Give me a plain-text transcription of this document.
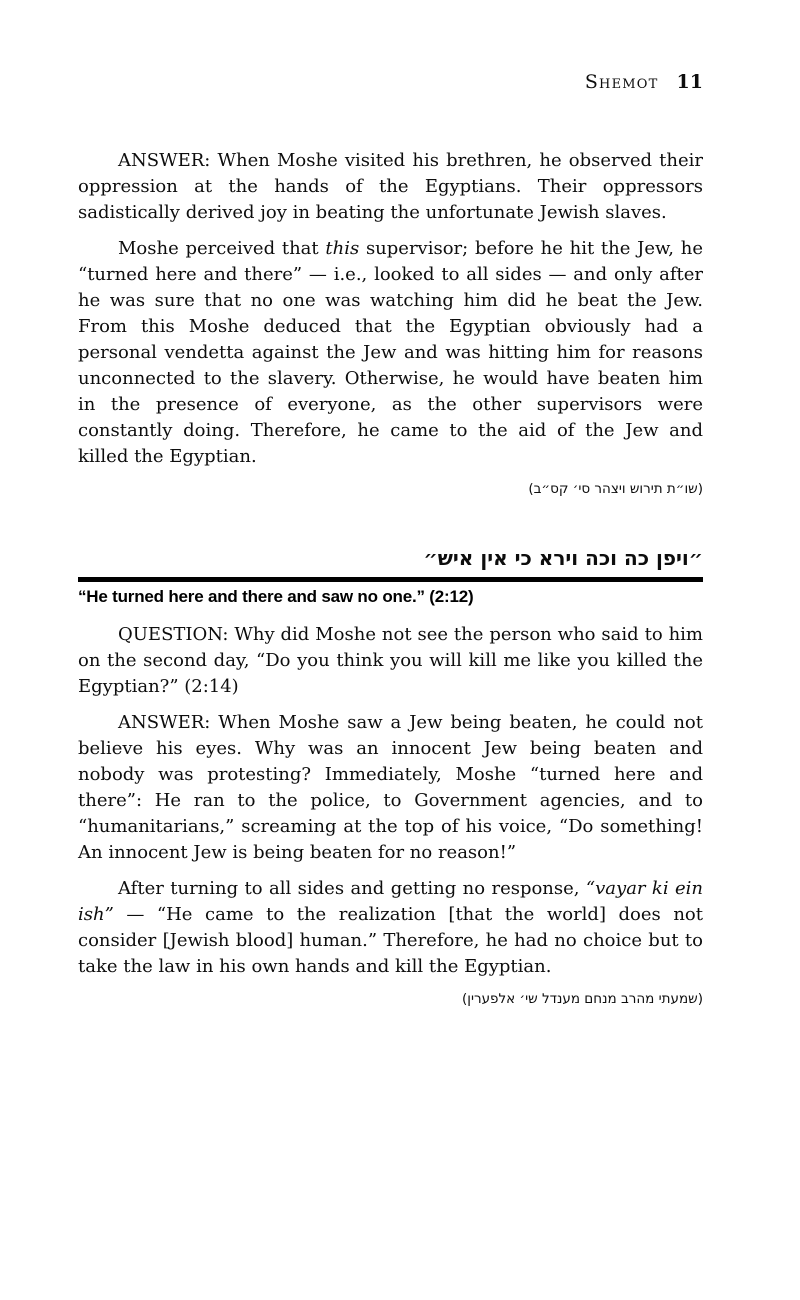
Shemot 11

ANSWER: When Moshe visited his brethren, he observed their oppression at the hands of the Egyptians. Their oppressors sadistically derived joy in beating the unfortunate Jewish slaves.

Moshe perceived that this supervisor; before he hit the Jew, he “turned here and there” — i.e., looked to all sides — and only after he was sure that no one was watching him did he beat the Jew. From this Moshe deduced that the Egyptian obviously had a personal vendetta against the Jew and was hitting him for reasons unconnected to the slavery. Otherwise, he would have beaten him in the presence of everyone, as the other supervisors were constantly doing. Therefore, he came to the aid of the Jew and killed the Egyptian.

(שו״ת תירוש ויצהר סי׳ קס״ב)

״ויפן כה וכה וירא כי אין איש״
“He turned here and there and saw no one.” (2:12)

QUESTION: Why did Moshe not see the person who said to him on the second day, “Do you think you will kill me like you killed the Egyptian?” (2:14)

ANSWER: When Moshe saw a Jew being beaten, he could not believe his eyes. Why was an innocent Jew being beaten and nobody was protesting? Immediately, Moshe “turned here and there”: He ran to the police, to Government agencies, and to “humanitarians,” screaming at the top of his voice, “Do something! An innocent Jew is being beaten for no reason!”

After turning to all sides and getting no response, “vayar ki ein ish” — “He came to the realization [that the world] does not consider [Jewish blood] human.” Therefore, he had no choice but to take the law in his own hands and kill the Egyptian.

(שמעתי מהרב מנחם מענדל שי׳ אלפערין)
